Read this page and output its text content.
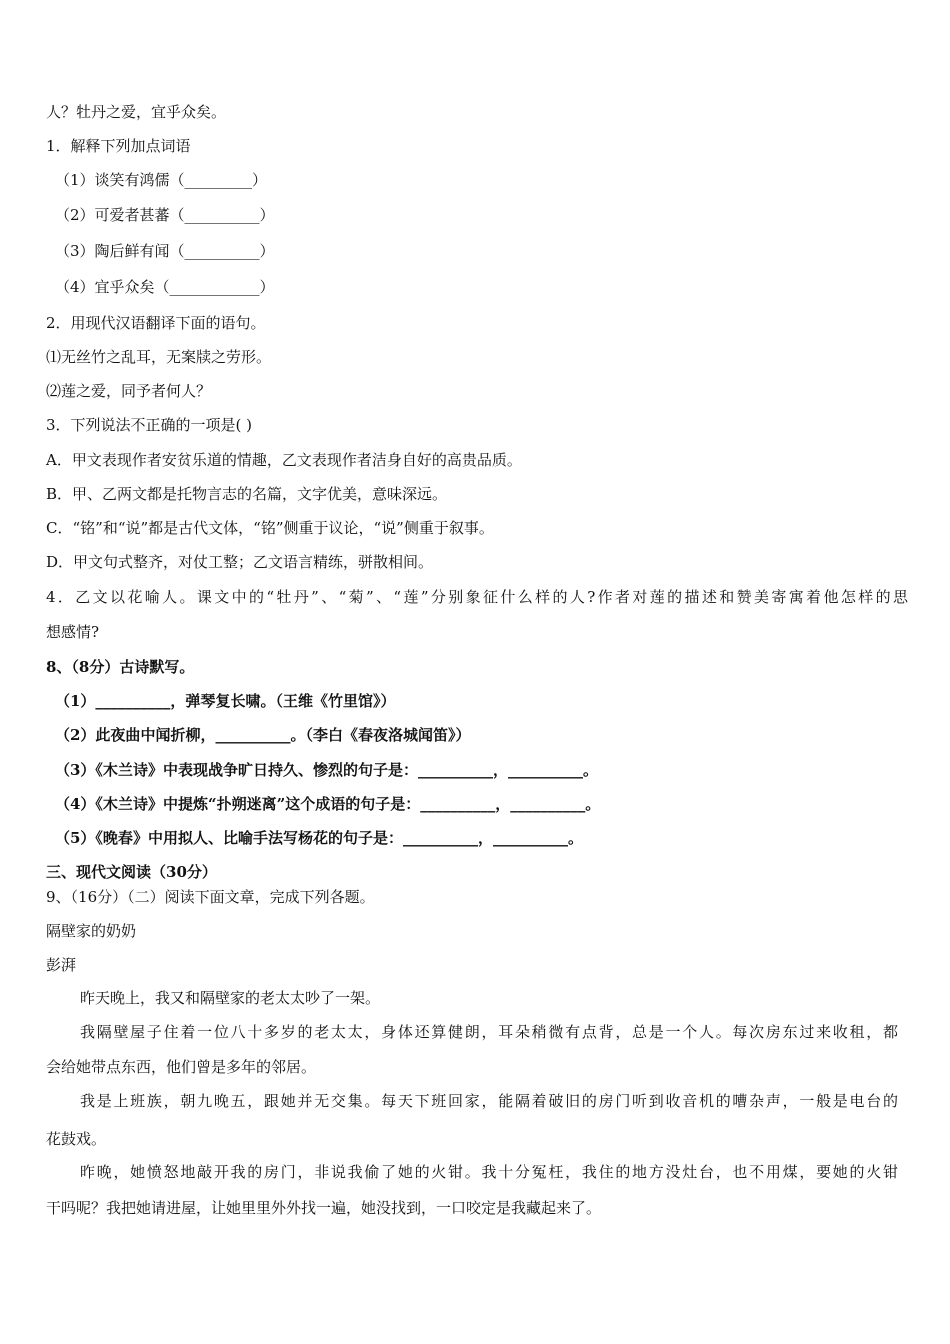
人？牡丹之爱，宜乎众矣。
1．解释下列加点词语
（1）谈笑有鸿儒（_________）
（2）可爱者甚蕃（__________）
（3）陶后鲜有闻（__________）
（4）宜乎众矣（____________）
2．用现代汉语翻译下面的语句。
⑴无丝竹之乱耳，无案牍之劳形。
⑵莲之爱，同予者何人？
3．下列说法不正确的一项是( )
A．甲文表现作者安贫乐道的情趣，乙文表现作者洁身自好的高贵品质。
B．甲、乙两文都是托物言志的名篇，文字优美，意味深远。
C．“铭”和“说”都是古代文体，“铭”侧重于议论，“说”侧重于叙事。
D．甲文句式整齐，对仗工整；乙文语言精练，骈散相间。
4．乙文以花喻人。课文中的“牡丹”、“菊”、“莲”分别象征什么样的人?作者对莲的描述和赞美寄寓着他怎样的思
想感情?
8、（8分）古诗默写。
（1）__________，弹琴复长啸。（王维《竹里馆》）
（2）此夜曲中闻折柳，__________。（李白《春夜洛城闻笛》）
（3）《木兰诗》中表现战争旷日持久、惨烈的句子是：__________，__________。
（4）《木兰诗》中提炼“扑朔迷离”这个成语的句子是：__________，__________。
（5）《晚春》中用拟人、比喻手法写杨花的句子是：__________，__________。
三、现代文阅读（30分）
9、（16分）（二）阅读下面文章，完成下列各题。
隔壁家的奶奶
彭湃
昨天晚上，我又和隔壁家的老太太吵了一架。
我隔壁屋子住着一位八十多岁的老太太，身体还算健朗，耳朵稍微有点背，总是一个人。每次房东过来收租，都
会给她带点东西，他们曾是多年的邻居。
我是上班族，朝九晚五，跟她并无交集。每天下班回家，能隔着破旧的房门听到收音机的嘈杂声，一般是电台的
花鼓戏。
昨晚，她愤怒地敲开我的房门，非说我偷了她的火钳。我十分冤枉，我住的地方没灶台，也不用煤，要她的火钳
干吗呢？我把她请进屋，让她里里外外找一遍，她没找到，一口咬定是我藏起来了。
